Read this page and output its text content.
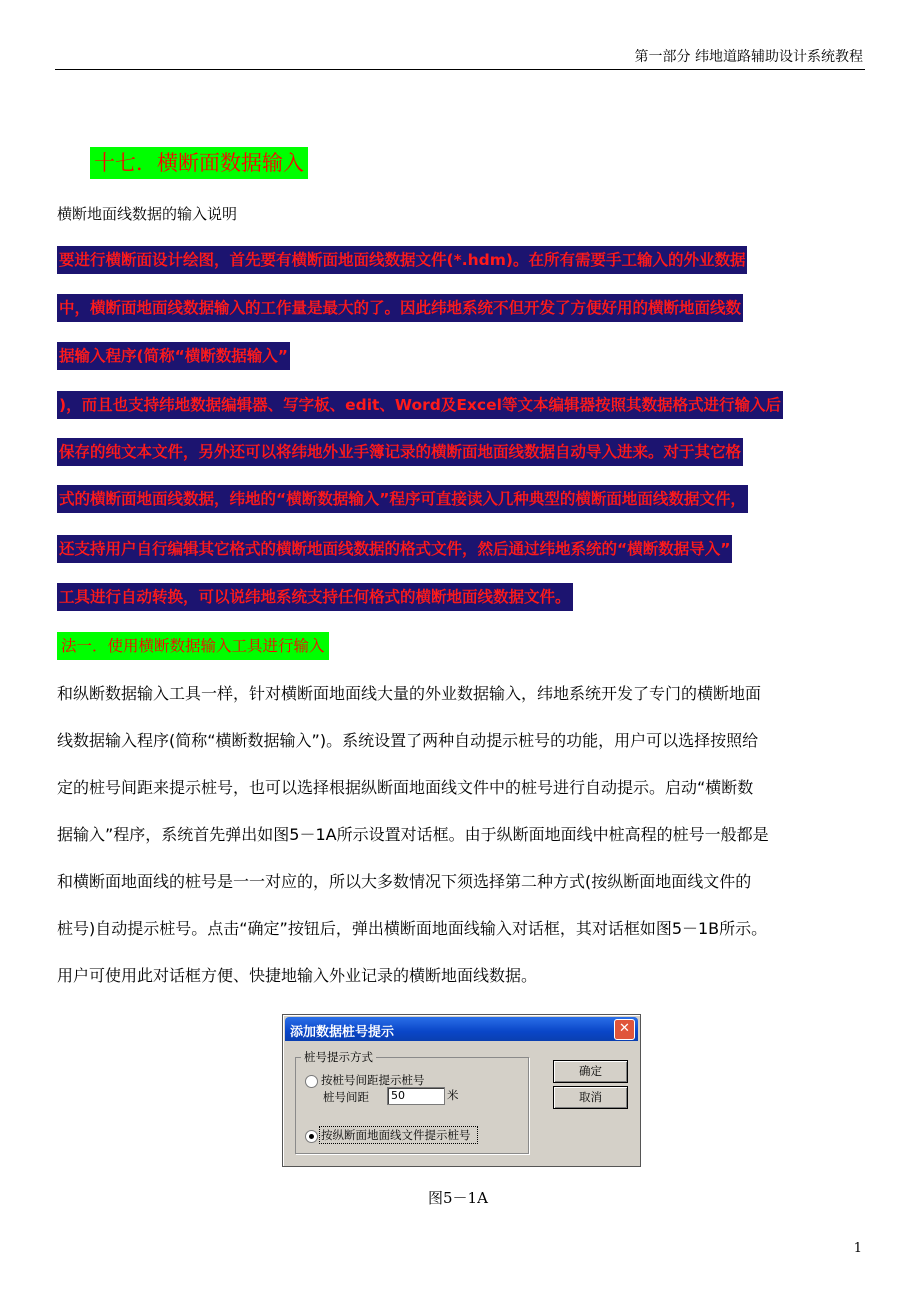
第一部分 纬地道路辅助设计系统教程
十七．横断面数据输入
横断地面线数据的输入说明
要进行横断面设计绘图，首先要有横断面地面线数据文件(*.hdm)。在所有需要手工输入的外业数据
中，横断面地面线数据输入的工作量是最大的了。因此纬地系统不但开发了方便好用的横断地面线数
据输入程序(简称“横断数据输入”
)，而且也支持纬地数据编辑器、写字板、edit、Word及Excel等文本编辑器按照其数据格式进行输入后
保存的纯文本文件，另外还可以将纬地外业手簿记录的横断面地面线数据自动导入进来。对于其它格
式的横断面地面线数据，纬地的“横断数据输入”程序可直接读入几种典型的横断面地面线数据文件，
还支持用户自行编辑其它格式的横断地面线数据的格式文件，然后通过纬地系统的“横断数据导入”
工具进行自动转换，可以说纬地系统支持任何格式的横断地面线数据文件。
法一．使用横断数据输入工具进行输入
和纵断数据输入工具一样，针对横断面地面线大量的外业数据输入，纬地系统开发了专门的横断地面
线数据输入程序(简称“横断数据输入”)。系统设置了两种自动提示桩号的功能，用户可以选择按照给
定的桩号间距来提示桩号，也可以选择根据纵断面地面线文件中的桩号进行自动提示。启动“横断数
据输入”程序，系统首先弹出如图5－1A所示设置对话框。由于纵断面地面线中桩高程的桩号一般都是
和横断面地面线的桩号是一一对应的，所以大多数情况下须选择第二种方式(按纵断面地面线文件的
桩号)自动提示桩号。点击“确定”按钮后，弹出横断面地面线输入对话框，其对话框如图5－1B所示。
用户可使用此对话框方便、快捷地输入外业记录的横断地面线数据。
添加数据桩号提示	✕
桩号提示方式
按桩号间距提示桩号
桩号间距	50	米
按纵断面地面线文件提示桩号
确定
取消
图5－1A
1
